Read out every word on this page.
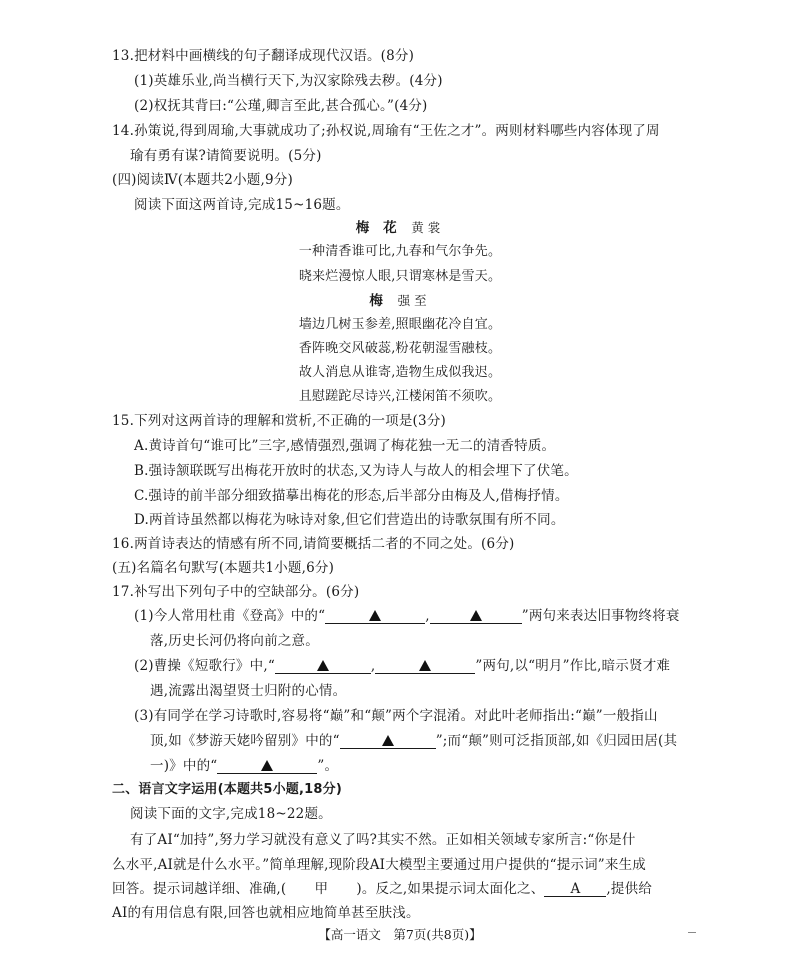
13.把材料中画横线的句子翻译成现代汉语。(8分)
(1)英雄乐业,尚当横行天下,为汉家除残去秽。(4分)
(2)权抚其背曰:“公瑾,卿言至此,甚合孤心。”(4分)
14.孙策说,得到周瑜,大事就成功了;孙权说,周瑜有“王佐之才”。两则材料哪些内容体现了周
瑜有勇有谋?请简要说明。(5分)
(四)阅读Ⅳ(本题共2小题,9分)
阅读下面这两首诗,完成15~16题。
梅　花 黄裳
一种清香谁可比,九春和气尔争先。
晓来烂漫惊人眼,只谓寒林是雪天。
梅 强至
墙边几树玉参差,照眼幽花冷自宜。
香阵晚交风破蕊,粉花朝湿雪融枝。
故人消息从谁寄,造物生成似我迟。
且慰蹉跎尽诗兴,江楼闲笛不须吹。
15.下列对这两首诗的理解和赏析,不正确的一项是(3分)
A.黄诗首句“谁可比”三字,感情强烈,强调了梅花独一无二的清香特质。
B.强诗颔联既写出梅花开放时的状态,又为诗人与故人的相会埋下了伏笔。
C.强诗的前半部分细致描摹出梅花的形态,后半部分由梅及人,借梅抒情。
D.两首诗虽然都以梅花为咏诗对象,但它们营造出的诗歌氛围有所不同。
16.两首诗表达的情感有所不同,请简要概括二者的不同之处。(6分)
(五)名篇名句默写(本题共1小题,6分)
17.补写出下列句子中的空缺部分。(6分)
(1)今人常用杜甫《登高》中的“	,	”两句来表达旧事物终将衰
落,历史长河仍将向前之意。
(2)曹操《短歌行》中,“	,	”两句,以“明月”作比,暗示贤才难
遇,流露出渴望贤士归附的心情。
(3)有同学在学习诗歌时,容易将“巅”和“颠”两个字混淆。对此叶老师指出:“巅”一般指山
顶,如《梦游天姥吟留别》中的“	”;而“颠”则可泛指顶部,如《归园田居(其
一)》中的“	”。
二、语言文字运用(本题共5小题,18分)
阅读下面的文字,完成18~22题。
有了AI“加持”,努力学习就没有意义了吗?其实不然。正如相关领域专家所言:“你是什
么水平,AI就是什么水平。”简单理解,现阶段AI大模型主要通过用户提供的“提示词”来生成
回答。提示词越详细、准确,( 甲 )。反之,如果提示词太面化之、 A ,提供给
AI的有用信息有限,回答也就相应地简单甚至肤浅。
【高一语文　第7页(共8页)】
